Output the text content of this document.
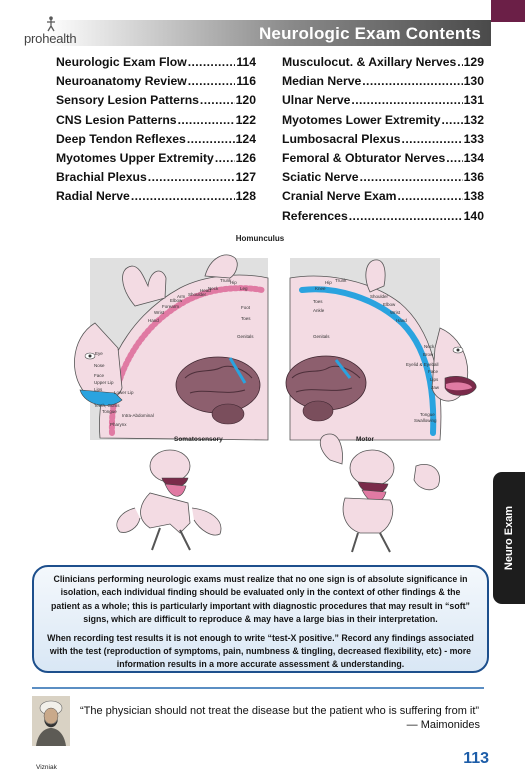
Neurologic Exam Contents
prohealth
Neurologic Exam Flow .....	114
Neuroanatomy Review .....	116
Sensory Lesion Patterns .....	120
CNS Lesion Patterns .....	122
Deep Tendon Reflexes .....	124
Myotomes Upper Extremity ..... 126
Brachial Plexus .....	127
Radial Nerve .....	128
Musculocut. & Axillary Nerves ..... 129
Median Nerve .....	130
Ulnar Nerve .....	131
Myotomes Lower Extremity ..... 132
Lumbosacral Plexus .....	133
Femoral & Obturator Nerves ..... 134
Sciatic Nerve .....	136
Cranial Nerve Exam .....	138
References .....	140
Homunculus
Eye
Nose
Face
Upper Lip
Lips
Lower Lip
Teeth, Gums
Tongue
Pharynx
Intra-Abdominal
Genitals
Foot
Toes
Leg
Hip
Trunk
Neck
Head
Shoulder
Arm
Elbow
Forearm
Wrist
Hand
Toes
Ankle
Knee
Hip Trunk
Shoulder
Elbow
Wrist
Hand
Genitals
Neck
Brow
Eyelid & Eyeball
Face
Lips
Jaw
Tongue
Swallowing
Somatosensory	Motor
Neuro Exam

Clinicians performing neurologic exams must realize that no one sign is of absolute significance in isolation, each individual finding should be evaluated only in the context of other findings & the patient as a whole; this is particularly important with diagnostic procedures that may result in “soft” signs, which are difficult to reproduce & may have a large bias in their interpretation.

When recording test results it is not enough to write “test-X positive.” Record any findings associated with the test (reproduction of symptoms, pain, numbness & tingling, decreased flexibility, etc) - more information results in a more accurate assessment & understanding.

“The physician should not treat the disease but the patient who is suffering from it”
― Maimonides
Vizniak
113
